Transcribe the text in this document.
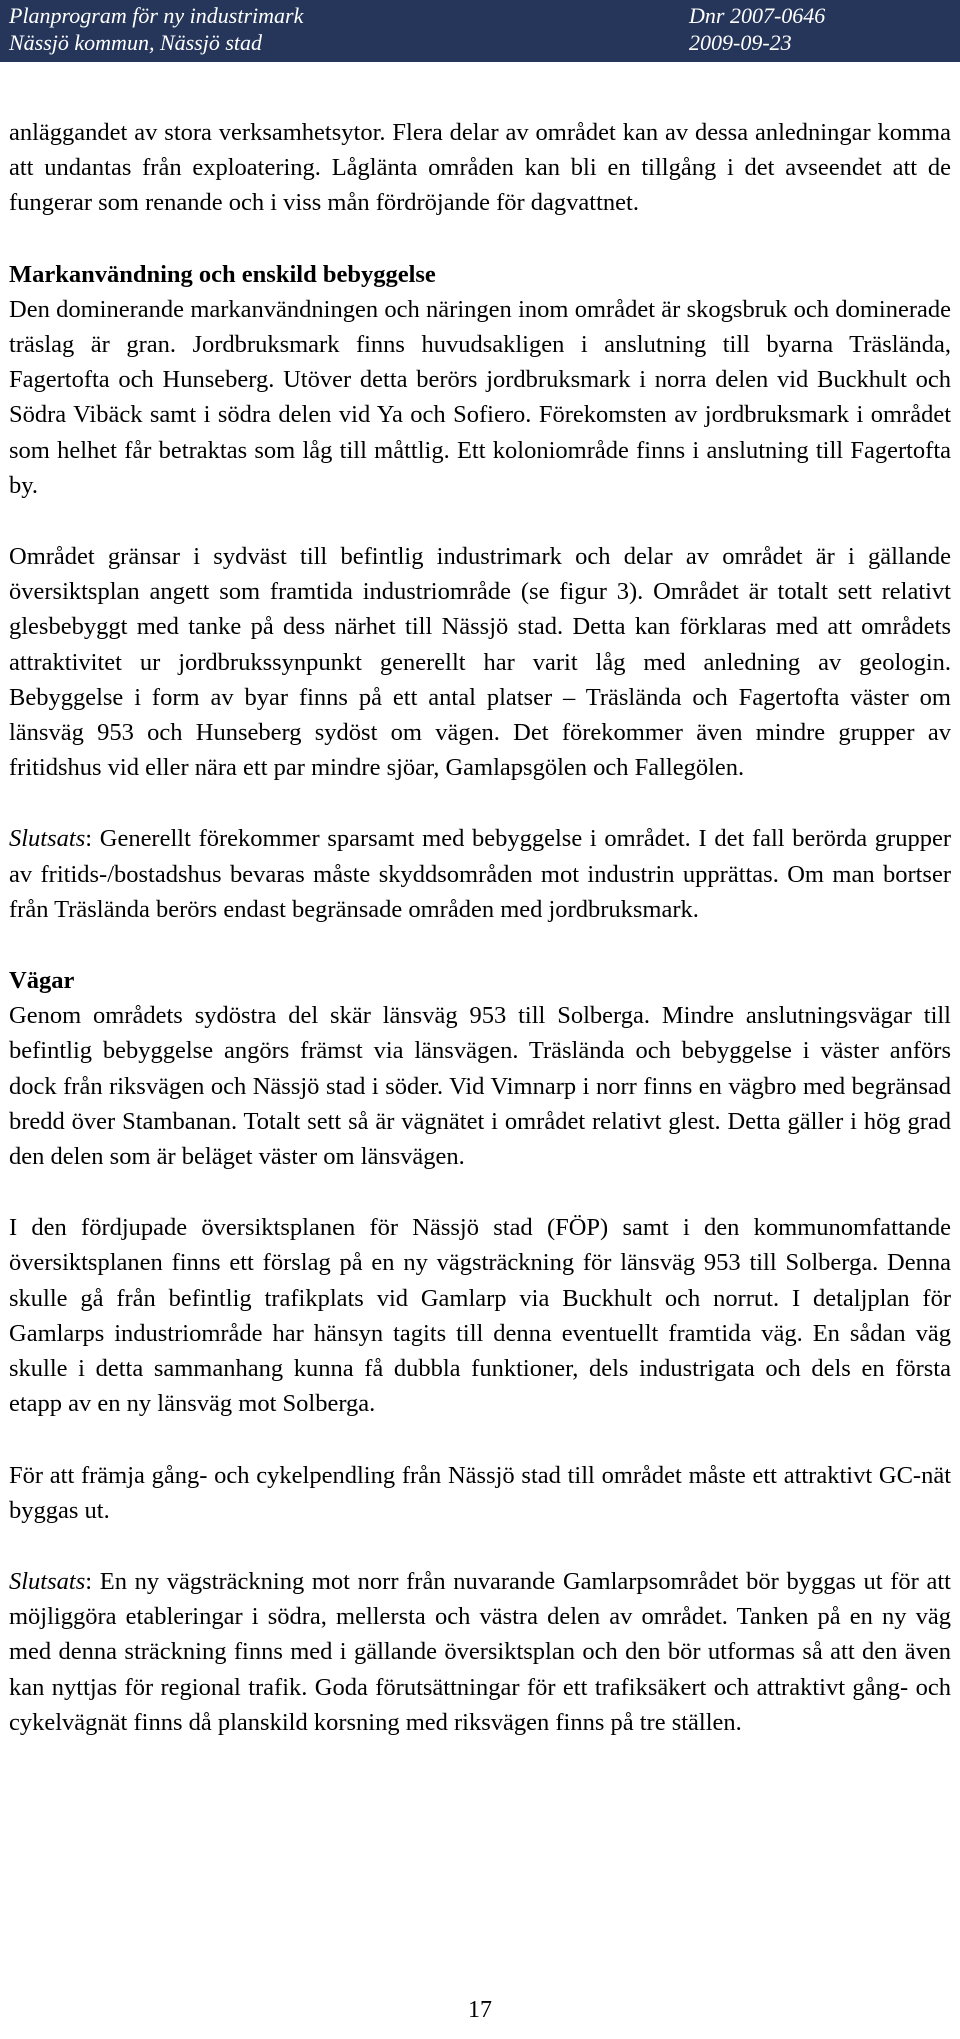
Planprogram för ny industrimark
Nässjö kommun, Nässjö stad
Dnr 2007-0646
2009-09-23

anläggandet av stora verksamhetsytor. Flera delar av området kan av dessa anledningar komma att undantas från exploatering. Låglänta områden kan bli en tillgång i det avseendet att de fungerar som renande och i viss mån fördröjande för dagvattnet.

Markanvändning och enskild bebyggelse

Den dominerande markanvändningen och näringen inom området är skogsbruk och dominerade träslag är gran. Jordbruksmark finns huvudsakligen i anslutning till byarna Träslända, Fagertofta och Hunseberg. Utöver detta berörs jordbruksmark i norra delen vid Buckhult och Södra Vibäck samt i södra delen vid Ya och Sofiero. Förekomsten av jordbruksmark i området som helhet får betraktas som låg till måttlig. Ett koloniområde finns i anslutning till Fagertofta by.

Området gränsar i sydväst till befintlig industrimark och delar av området är i gällande översiktsplan angett som framtida industriområde (se figur 3). Området är totalt sett relativt glesbebyggt med tanke på dess närhet till Nässjö stad. Detta kan förklaras med att områdets attraktivitet ur jordbrukssynpunkt generellt har varit låg med anledning av geologin. Bebyggelse i form av byar finns på ett antal platser – Träslända och Fagertofta väster om länsväg 953 och Hunseberg sydöst om vägen. Det förekommer även mindre grupper av fritidshus vid eller nära ett par mindre sjöar, Gamlapsgölen och Fallegölen.

Slutsats: Generellt förekommer sparsamt med bebyggelse i området. I det fall berörda grupper av fritids-/bostadshus bevaras måste skyddsområden mot industrin upprättas. Om man bortser från Träslända berörs endast begränsade områden med jordbruksmark.

Vägar

Genom områdets sydöstra del skär länsväg 953 till Solberga. Mindre anslutningsvägar till befintlig bebyggelse angörs främst via länsvägen. Träslända och bebyggelse i väster anförs dock från riksvägen och Nässjö stad i söder. Vid Vimnarp i norr finns en vägbro med begränsad bredd över Stambanan. Totalt sett så är vägnätet i området relativt glest. Detta gäller i hög grad den delen som är beläget väster om länsvägen.

I den fördjupade översiktsplanen för Nässjö stad (FÖP) samt i den kommunomfattande översiktsplanen finns ett förslag på en ny vägsträckning för länsväg 953 till Solberga. Denna skulle gå från befintlig trafikplats vid Gamlarp via Buckhult och norrut. I detaljplan för Gamlarps industriområde har hänsyn tagits till denna eventuellt framtida väg. En sådan väg skulle i detta sammanhang kunna få dubbla funktioner, dels industrigata och dels en första etapp av en ny länsväg mot Solberga.

För att främja gång- och cykelpendling från Nässjö stad till området måste ett attraktivt GC-nät byggas ut.

Slutsats: En ny vägsträckning mot norr från nuvarande Gamlarpsområdet bör byggas ut för att möjliggöra etableringar i södra, mellersta och västra delen av området. Tanken på en ny väg med denna sträckning finns med i gällande översiktsplan och den bör utformas så att den även kan nyttjas för regional trafik. Goda förutsättningar för ett trafiksäkert och attraktivt gång- och cykelvägnät finns då planskild korsning med riksvägen finns på tre ställen.

17
